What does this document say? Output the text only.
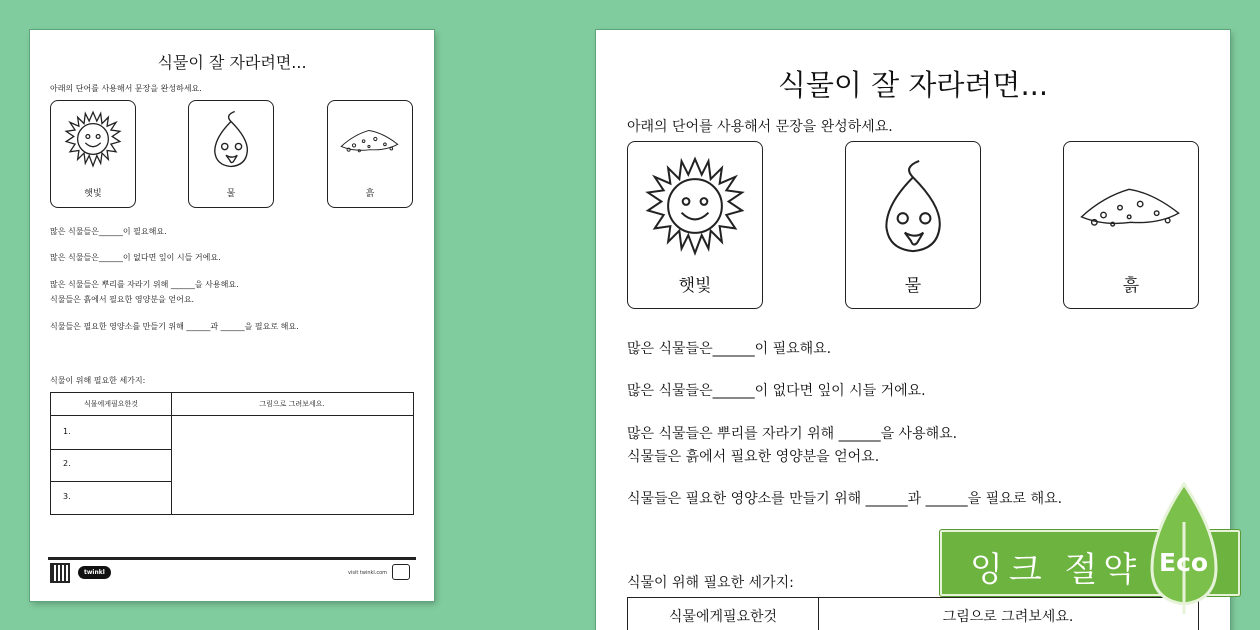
식물이 잘 자라려면...
아래의 단어를 사용해서 문장을 완성하세요.
햇빛	물	흙
많은 식물들은______이 필요해요.
많은 식물들은______이 없다면 잎이 시들 거에요.
많은 식물들은 뿌리를 자라기 위해 ______을 사용해요.
식물들은 흙에서 필요한 영양분을 얻어요.
식물들은 필요한 영양소를 만들기 위해 ______과 ______을 필요로 해요.
식물이 위해 필요한 세가지:
식물에게필요한것	그림으로 그려보세요.
1.
2.
3.
twinkl	visit twinkl.com
식물이 잘 자라려면...
아래의 단어를 사용해서 문장을 완성하세요.
햇빛	물	흙
많은 식물들은______이 필요해요.
많은 식물들은______이 없다면 잎이 시들 거에요.
많은 식물들은 뿌리를 자라기 위해 ______을 사용해요.
식물들은 흙에서 필요한 영양분을 얻어요.
식물들은 필요한 영양소를 만들기 위해 ______과 ______을 필요로 해요.
식물이 위해 필요한 세가지:
식물에게필요한것	그림으로 그려보세요.
잉크 절약 Eco
